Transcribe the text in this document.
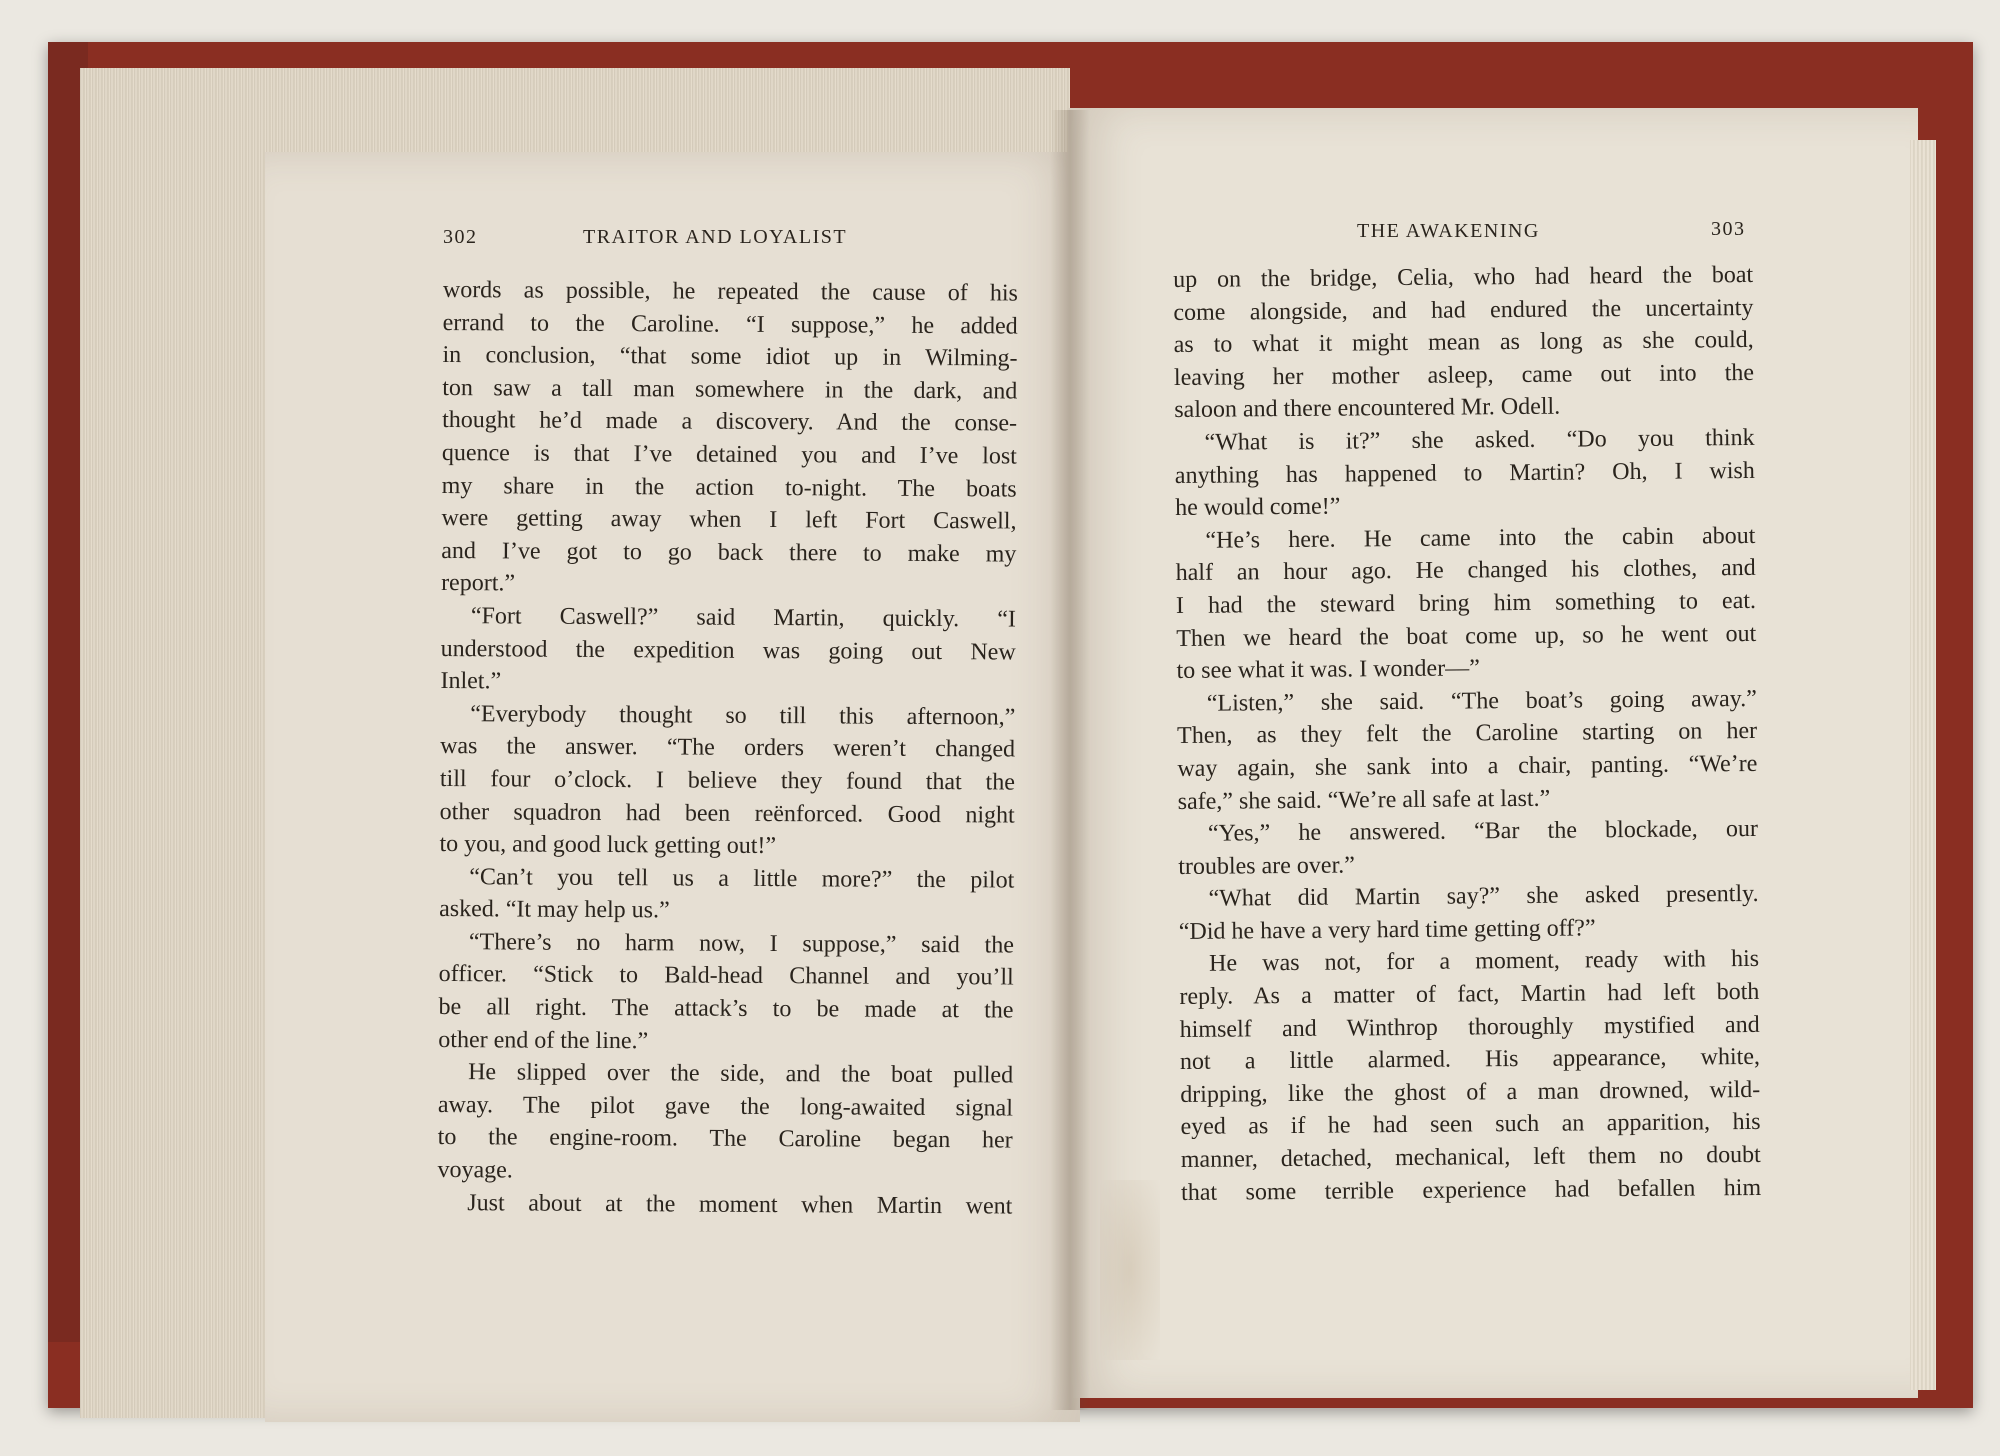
302	TRAITOR AND LOYALIST	THE AWAKENING	303
words as possible, he repeated the cause of his
errand to the Caroline. “I suppose,” he added
in conclusion, “that some idiot up in Wilming-
ton saw a tall man somewhere in the dark, and
thought he’d made a discovery. And the conse-
quence is that I’ve detained you and I’ve lost
my share in the action to-night. The boats
were getting away when I left Fort Caswell,
and I’ve got to go back there to make my
report.”
“Fort Caswell?” said Martin, quickly. “I
understood the expedition was going out New
Inlet.”
“Everybody thought so till this afternoon,”
was the answer. “The orders weren’t changed
till four o’clock. I believe they found that the
other squadron had been reënforced. Good night
to you, and good luck getting out!”
“Can’t you tell us a little more?” the pilot
asked. “It may help us.”
“There’s no harm now, I suppose,” said the
officer. “Stick to Bald-head Channel and you’ll
be all right. The attack’s to be made at the
other end of the line.”
He slipped over the side, and the boat pulled
away. The pilot gave the long-awaited signal
to the engine-room. The Caroline began her
voyage.
Just about at the moment when Martin went
up on the bridge, Celia, who had heard the boat
come alongside, and had endured the uncertainty
as to what it might mean as long as she could,
leaving her mother asleep, came out into the
saloon and there encountered Mr. Odell.
“What is it?” she asked. “Do you think
anything has happened to Martin? Oh, I wish
he would come!”
“He’s here. He came into the cabin about
half an hour ago. He changed his clothes, and
I had the steward bring him something to eat.
Then we heard the boat come up, so he went out
to see what it was. I wonder—”
“Listen,” she said. “The boat’s going away.”
Then, as they felt the Caroline starting on her
way again, she sank into a chair, panting. “We’re
safe,” she said. “We’re all safe at last.”
“Yes,” he answered. “Bar the blockade, our
troubles are over.”
“What did Martin say?” she asked presently.
“Did he have a very hard time getting off?”
He was not, for a moment, ready with his
reply. As a matter of fact, Martin had left both
himself and Winthrop thoroughly mystified and
not a little alarmed. His appearance, white,
dripping, like the ghost of a man drowned, wild-
eyed as if he had seen such an apparition, his
manner, detached, mechanical, left them no doubt
that some terrible experience had befallen him
